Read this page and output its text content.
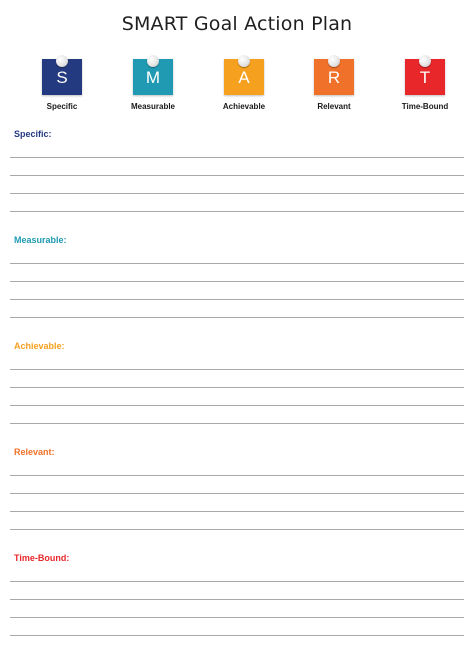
SMART Goal Action Plan
S
Specific
M
Measurable
A
Achievable
R
Relevant
T
Time-Bound
Specific:
Measurable:
Achievable:
Relevant:
Time-Bound:
